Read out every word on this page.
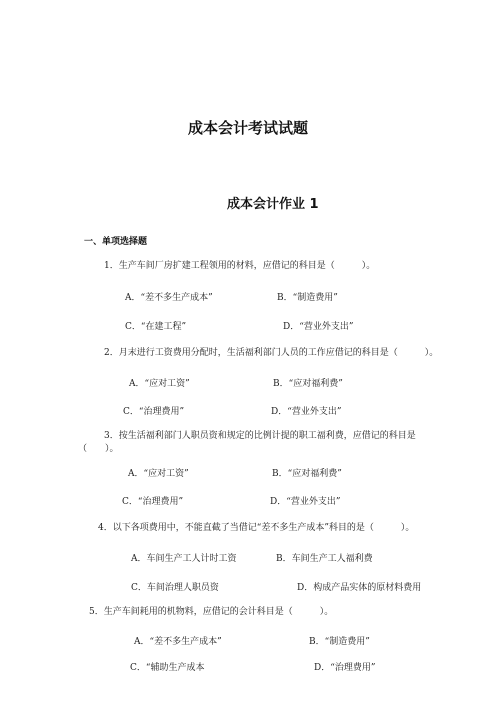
成本会计考试试题
成本会计作业 1
一、单项选择题
1．生产车间厂房扩建工程领用的材料，应借记的科目是（　　　）。
A．“差不多生产成本”	B．“制造费用”
C．“在建工程”	D．“营业外支出”
2．月末进行工资费用分配时，生活福利部门人员的工作应借记的科目是（　　　）。
A．“应对工资”	B．“应对福利费”
C．“治理费用”	D．“营业外支出”
3．按生活福利部门人职员资和规定的比例计提的职工福利费，应借记的科目是（　　）。
A．“应对工资”	B．“应对福利费”
C．“治理费用”	D．“营业外支出”
4．以下各项费用中，不能直截了当借记“差不多生产成本”科目的是（　　　）。
A．车间生产工人计时工资	B．车间生产工人福利费
C．车间治理人职员资	D．构成产品实体的原材料费用
5．生产车间耗用的机物料，应借记的会计科目是（　　　）。
A．“差不多生产成本”	B．“制造费用”
C．“辅助生产成本	D．“治理费用”
